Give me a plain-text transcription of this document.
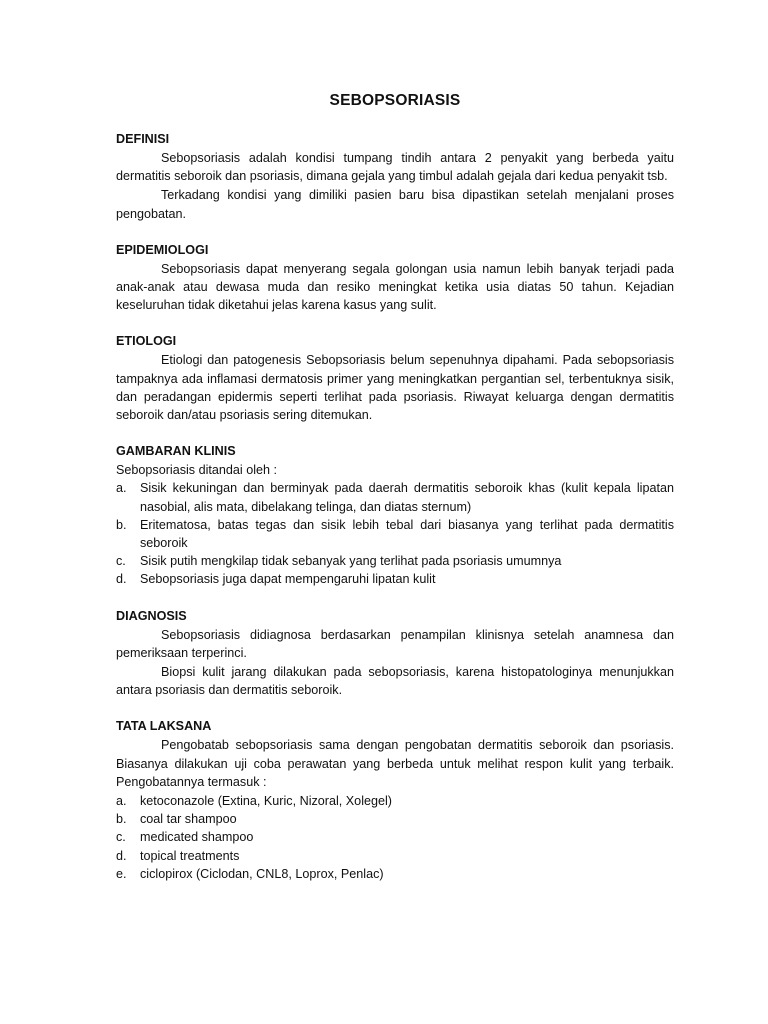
SEBOPSORIASIS
DEFINISI

Sebopsoriasis adalah kondisi tumpang tindih antara 2 penyakit yang berbeda yaitu dermatitis seboroik dan psoriasis, dimana gejala yang timbul adalah gejala dari kedua penyakit tsb.

Terkadang kondisi yang dimiliki pasien baru bisa dipastikan setelah menjalani proses pengobatan.

EPIDEMIOLOGI

Sebopsoriasis dapat menyerang segala golongan usia namun lebih banyak terjadi pada anak-anak atau dewasa muda dan resiko meningkat ketika usia diatas 50 tahun. Kejadian keseluruhan tidak diketahui jelas karena kasus yang sulit.

ETIOLOGI

Etiologi dan patogenesis Sebopsoriasis belum sepenuhnya dipahami. Pada sebopsoriasis tampaknya ada inflamasi dermatosis primer yang meningkatkan pergantian sel, terbentuknya sisik, dan peradangan epidermis seperti terlihat pada psoriasis. Riwayat keluarga dengan dermatitis seboroik dan/atau psoriasis sering ditemukan.

GAMBARAN KLINIS

Sebopsoriasis ditandai oleh :

a.	Sisik kekuningan dan berminyak pada daerah dermatitis seboroik khas (kulit kepala lipatan nasobial, alis mata, dibelakang telinga, dan diatas sternum)
b.	Eritematosa, batas tegas dan sisik lebih tebal dari biasanya yang terlihat pada dermatitis seboroik
c.	Sisik putih mengkilap tidak sebanyak yang terlihat pada psoriasis umumnya
d.	Sebopsoriasis juga dapat mempengaruhi lipatan kulit
DIAGNOSIS

Sebopsoriasis didiagnosa berdasarkan penampilan klinisnya setelah anamnesa dan pemeriksaan terperinci.

Biopsi kulit jarang dilakukan pada sebopsoriasis, karena histopatologinya menunjukkan antara psoriasis dan dermatitis seboroik.

TATA LAKSANA

Pengobatab sebopsoriasis sama dengan pengobatan dermatitis seboroik dan psoriasis. Biasanya dilakukan uji coba perawatan yang berbeda untuk melihat respon kulit yang terbaik. Pengobatannya termasuk :

a.	ketoconazole (Extina, Kuric, Nizoral, Xolegel)
b.	coal tar shampoo
c.	medicated shampoo
d.	topical treatments
e.	ciclopirox (Ciclodan, CNL8, Loprox, Penlac)
